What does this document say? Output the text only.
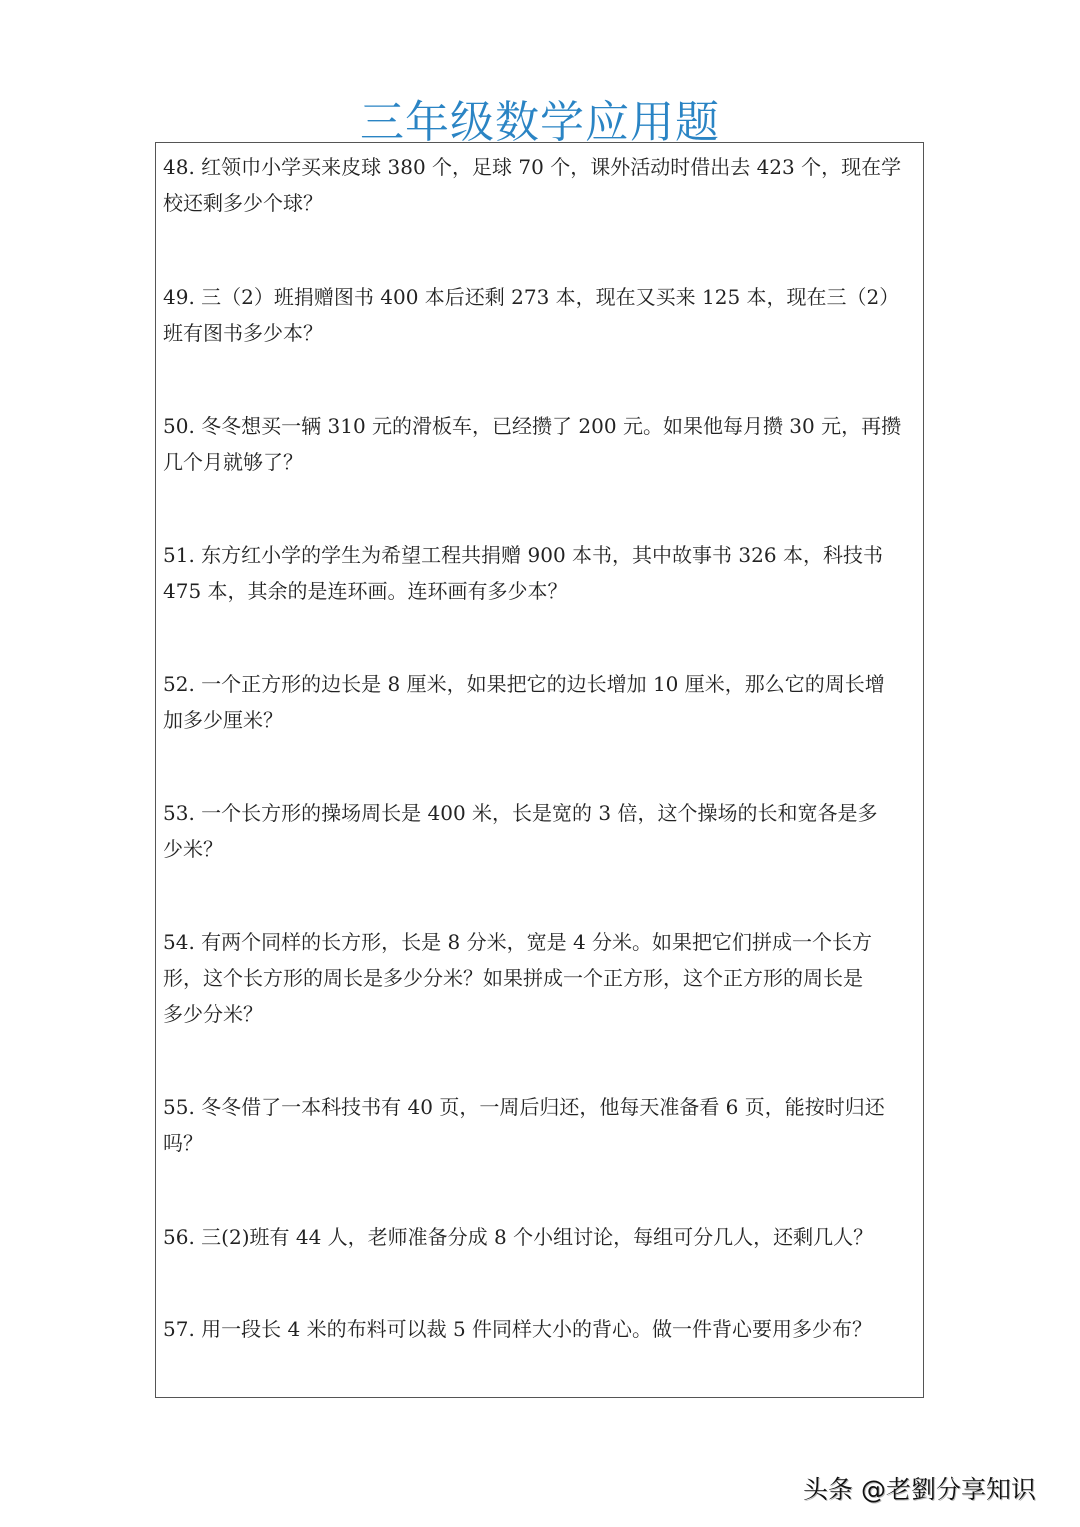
三年级数学应用题
48. 红领巾小学买来皮球 380 个，足球 70 个，课外活动时借出去 423 个，现在学
校还剩多少个球？
49. 三（2）班捐赠图书 400 本后还剩 273 本，现在又买来 125 本，现在三（2）
班有图书多少本？
50. 冬冬想买一辆 310 元的滑板车，已经攒了 200 元。如果他每月攒 30 元，再攒
几个月就够了？
51. 东方红小学的学生为希望工程共捐赠 900 本书，其中故事书 326 本，科技书
475 本，其余的是连环画。连环画有多少本？
52. 一个正方形的边长是 8 厘米，如果把它的边长增加 10 厘米，那么它的周长增
加多少厘米？
53. 一个长方形的操场周长是 400 米，长是宽的 3 倍，这个操场的长和宽各是多
少米？
54. 有两个同样的长方形，长是 8 分米，宽是 4 分米。如果把它们拼成一个长方
形，这个长方形的周长是多少分米？如果拼成一个正方形，这个正方形的周长是
多少分米？
55. 冬冬借了一本科技书有 40 页，一周后归还，他每天准备看 6 页，能按时归还
吗？
56. 三(2)班有 44 人，老师准备分成 8 个小组讨论，每组可分几人，还剩几人？
57. 用一段长 4 米的布料可以裁 5 件同样大小的背心。做一件背心要用多少布？
头条 @老劉分享知识
